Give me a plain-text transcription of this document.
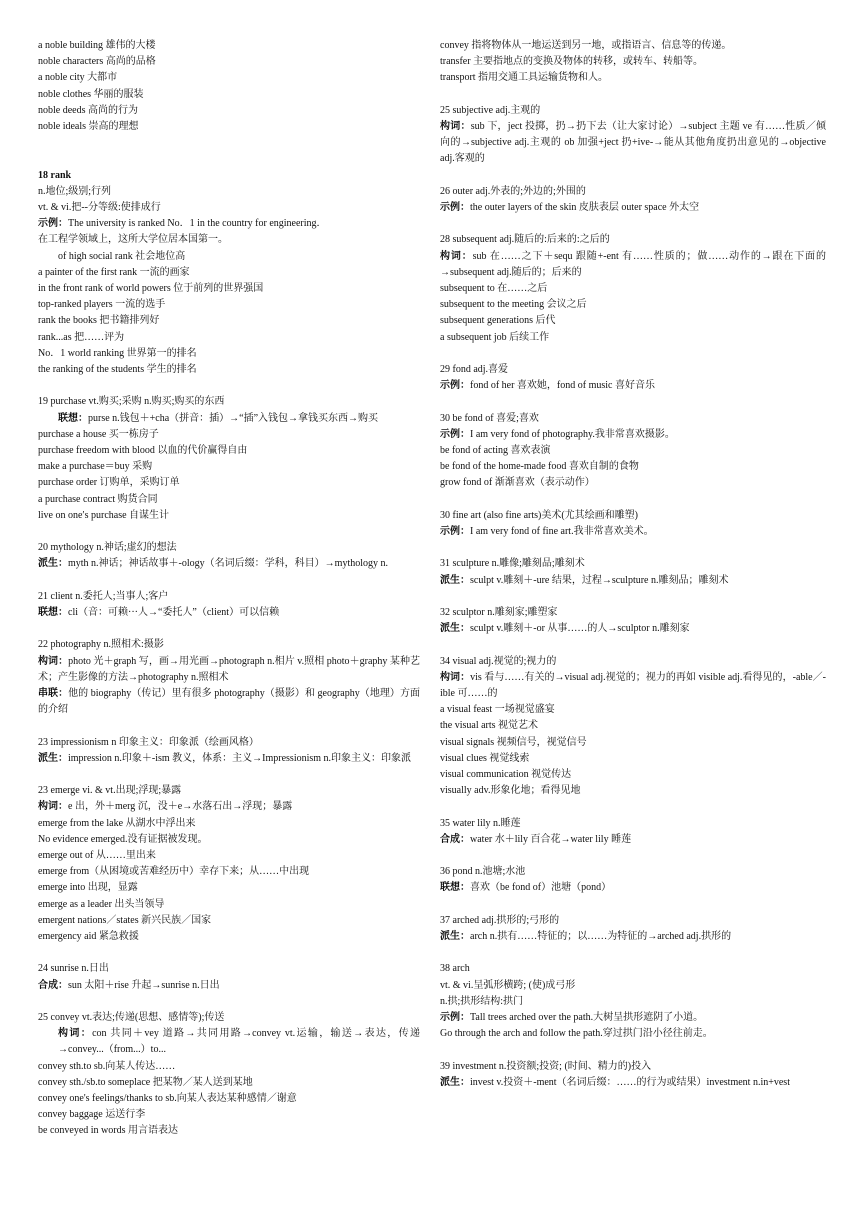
a noble building 雄伟的大楼
noble characters 高尚的品格
a noble city 大都市
noble clothes 华丽的服装
noble deeds 高尚的行为
noble ideals 崇高的理想
18 rank
n.地位;级别;行列
vt. & vi.把--分等级:使排成行
示例：The university is ranked No．1 in the country for engineering．
在工程学领域上，这所大学位居本国第一。
of high social rank 社会地位高
a painter of the first rank 一流的画家
in the front rank of world powers 位于前列的世界强国
top-ranked players 一流的选手
rank the books 把书籍排列好
rank...as 把……评为
No．1 world ranking 世界第一的排名
the ranking of the students 学生的排名
19 purchase vt.购买;采购 n.购买;购买的东西
联想：purse n.钱包＋+cha（拼音：插）→“插”入钱包→拿钱买东西→购买
purchase a house 买一栋房子
purchase freedom with blood 以血的代价赢得自由
make a purchase＝buy 采购
purchase order 订购单，采购订单
a purchase contract 购货合同
live on one′s purchase 自谋生计
20 mythology n.神话;虚幻的想法
派生：myth n.神话；神话故事＋-ology（名词后缀：学科，科目）→mythology n.
21 client n.委托人;当事人;客户
联想：cli（音：可赖···人→“委托人”（client）可以信赖
22 photography n.照相术:摄影
构词：photo 光＋graph 写，画→用光画→photograph n.相片 v.照相 photo＋graphy 某种艺术；产生影像的方法→photography n.照相术
串联：他的 biography（传记）里有很多 photography（摄影）和 geography（地理）方面的介绍
23 impressionism n 印象主义：印象派（绘画风格）
派生：impression n.印象＋-ism 教义，体系：主义→Impressionism n.印象主义：印象派
23 emerge vi. & vt.出现;浮现;暴露
构词：e 出，外＋merg 沉，没＋e→水落石出→浮现；暴露
emerge from the lake 从湖水中浮出来
No evidence emerged.没有证据被发现。
emerge out of 从……里出来
emerge from（从困境或苦难经历中）幸存下来；从……中出现
emerge into 出现，显露
emerge as a leader 出头当领导
emergent nations／states 新兴民族／国家
emergency aid 紧急救援
24 sunrise n.日出
合成：sun 太阳＋rise 升起→sunrise n.日出
25 convey vt.表达;传递(思想、感情等);传送
构词：con 共同＋vey 道路→共同用路→convey vt.运输，输送→表达，传递→convey...（from...）to...
convey sth.to sb.向某人传达……
convey sth./sb.to someplace 把某物／某人送到某地
convey one's feelings/thanks to sb.向某人表达某种感情／谢意
convey baggage 运送行李
be conveyed in words 用言语表达
convey 指将物体从一地运送到另一地，或指语言、信息等的传递。
transfer 主要指地点的变换及物体的转移，或转车、转船等。
transport 指用交通工具运输货物和人。
25 subjective adj.主观的
构词：sub 下，ject 投掷，扔→扔下去（让大家讨论）→subject 主题 ve 有……性质／倾向的→subjective adj.主观的 ob 加强+ject 扔+ive-→能从其他角度扔出意见的→objective adj.客观的
26 outer adj.外表的;外边的;外围的
示例：the outer layers of the skin 皮肤表层 outer space 外太空
28 subsequent adj.随后的:后来的:之后的
构词：sub 在……之下＋sequ 跟随+-ent 有……性质的；做……动作的→跟在下面的→subsequent adj.随后的；后来的
subsequent to 在……之后
subsequent to the meeting 会议之后
subsequent generations 后代
a subsequent job 后续工作
29 fond adj.喜爱
示例：fond of her 喜欢她，fond of music 喜好音乐
30 be fond of 喜爱;喜欢
示例：I am very fond of photography.我非常喜欢摄影。
be fond of acting 喜欢表演
be fond of the home-made food 喜欢自制的食物
grow fond of 渐渐喜欢（表示动作）
30 fine art (also fine arts)美术(尤其绘画和雕塑)
示例：I am very fond of fine art.我非常喜欢美术。
31 sculpture n.雕像;雕刻品;雕刻术
派生：sculpt v.雕刻＋-ure 结果，过程→sculpture n.雕刻品；雕刻术
32 sculptor n.雕刻家;雕塑家
派生：sculpt v.雕刻＋-or 从事……的人→sculptor n.雕刻家
34 visual adj.视觉的;视力的
构词：vis 看与……有关的→visual adj.视觉的；视力的再如 visible adj.看得见的，-able／-ible 可……的
a visual feast 一场视觉盛宴
the visual arts 视觉艺术
visual signals 视频信号，视觉信号
visual clues 视觉线索
visual communication 视觉传达
visually adv.形象化地；看得见地
35 water lily n.睡莲
合成：water 水＋lily 百合花→water lily 睡莲
36 pond n.池塘;水池
联想：喜欢（be fond of）池塘（pond）
37 arched adj.拱形的;弓形的
派生：arch n.拱有……特征的；以……为特征的→arched adj.拱形的
38 arch
vt. & vi.呈弧形横跨; (使)成弓形
n.拱;拱形结构:拱门
示例：Tall trees arched over the path.大树呈拱形遮阴了小道。
Go through the arch and follow the path.穿过拱门沿小径往前走。
39 investment n.投资额;投资; (时间、精力的)投入
派生：invest v.投资＋-ment（名词后缀：……的行为或结果）investment n.in+vest
